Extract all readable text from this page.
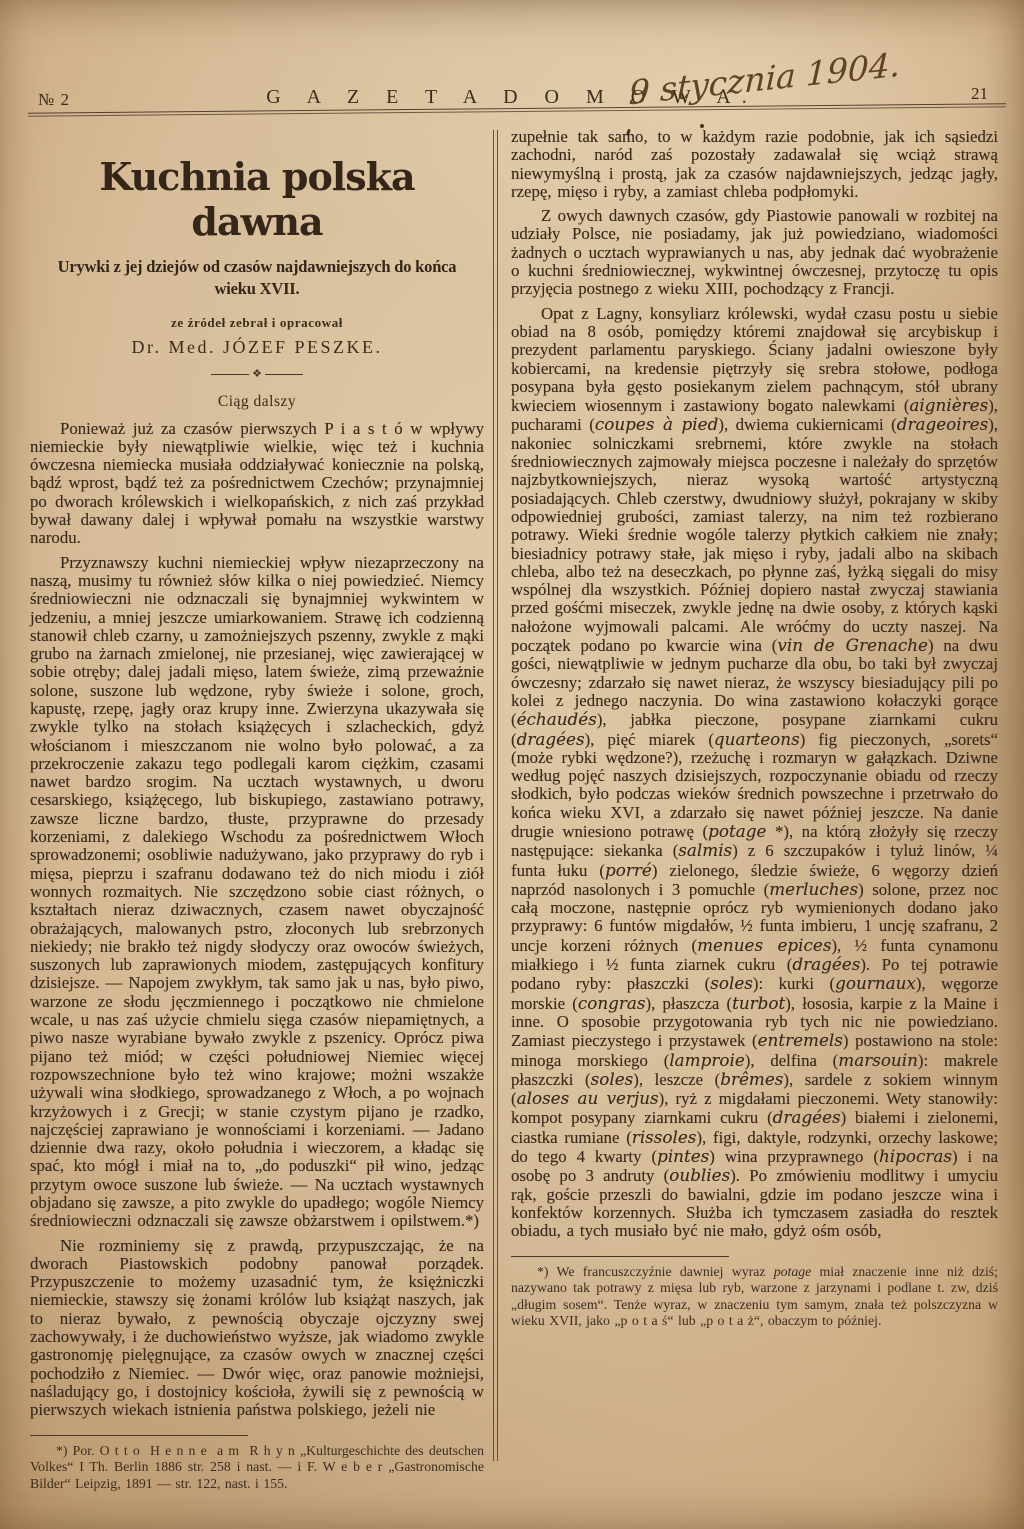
№ 2	G A Z E T A D O M O W A.
9 stycznia 1904.	21
Kuchnia polska dawna
Urywki z jej dziejów od czasów najdawniejszych do końca
wieku XVII.
ze źródeł zebrał i opracował
Dr. Med. JÓZEF PESZKE.
❖
Ciąg dalszy

Ponieważ już za czasów pierwszych P i a s t ó w wpływy niemieckie były niewątpliwie wielkie, więc też i kuchnia ówczesna niemiecka musiała oddziaływać koniecznie na polską, bądź wprost, bądź też za pośrednictwem Czechów; przynajmniej po dworach królewskich i wielkopańskich, z nich zaś przykład bywał dawany dalej i wpływał pomału na wszystkie warstwy narodu.

Przyznawszy kuchni niemieckiej wpływ niezaprzeczony na naszą, musimy tu również słów kilka o niej powiedzieć. Niemcy średniowieczni nie odznaczali się bynajmniej wykwintem w jedzeniu, a mniej jeszcze umiarkowaniem. Strawę ich codzienną stanowił chleb czarny, u zamożniejszych pszenny, zwykle z mąki grubo na żarnach zmielonej, nie przesianej, więc zawierającej w sobie otręby; dalej jadali mięso, latem świeże, zimą przeważnie solone, suszone lub wędzone, ryby świeże i solone, groch, kapustę, rzepę, jagły oraz krupy inne. Zwierzyna ukazywała się zwykle tylko na stołach książęcych i szlacheckich, gdyż włościanom i mieszczanom nie wolno było polować, a za przekroczenie zakazu tego podlegali karom ciężkim, czasami nawet bardzo srogim. Na ucztach wystawnych, u dworu cesarskiego, książęcego, lub biskupiego, zastawiano potrawy, zawsze liczne bardzo, tłuste, przyprawne do przesady korzeniami, z dalekiego Wschodu za pośrednictwem Włoch sprowadzonemi; osobliwie nadużywano, jako przyprawy do ryb i mięsa, pieprzu i szafranu dodawano też do nich miodu i ziół wonnych rozmaitych. Nie szczędzono sobie ciast różnych, o kształtach nieraz dziwacznych, czasem nawet obyczajność obrażających, malowanych pstro, złoconych lub srebrzonych niekiedy; nie brakło też nigdy słodyczy oraz owoców świeżych, suszonych lub zaprawionych miodem, zastępujących konfitury dzisiejsze. — Napojem zwykłym, tak samo jak u nas, było piwo, warzone ze słodu jęczmiennego i początkowo nie chmielone wcale, u nas zaś użycie chmielu sięga czasów niepamiętnych, a piwo nasze wyrabiane bywało zwykle z pszenicy. Oprócz piwa pijano też miód; w części południowej Niemiec więcej rozpowszechnione było też wino krajowe; możni wszakże używali wina słodkiego, sprowadzanego z Włoch, a po wojnach krzyżowych i z Grecji; w stanie czystym pijano je rzadko, najczęściej zaprawiano je wonnościami i korzeniami. — Jadano dziennie dwa razy, około południa i wieczorem, a kładąc się spać, kto mógł i miał na to, „do poduszki“ pił wino, jedząc przytym owoce suszone lub świeże. — Na ucztach wystawnych objadano się zawsze, a pito zwykle do upadłego; wogóle Niemcy średniowieczni odznaczali się zawsze obżarstwem i opilstwem.*)

Nie rozminiemy się z prawdą, przypuszczając, że na dworach Piastowskich podobny panował porządek. Przypuszczenie to możemy uzasadnić tym, że księżniczki niemieckie, stawszy się żonami królów lub książąt naszych, jak to nieraz bywało, z pewnością obyczaje ojczyzny swej zachowywały, i że duchowieństwo wyższe, jak wiadomo zwykle gastronomję pielęgnujące, za czasów owych w znacznej części pochodziło z Niemiec. — Dwór więc, oraz panowie możniejsi, naśladujący go, i dostojnicy kościoła, żywili się z pewnością w pierwszych wiekach istnienia państwa polskiego, jeżeli nie

*) Por. O t t o  H e n n e  a m  R h y n „Kulturgeschichte des deutschen Volkes“ I Th. Berlin 1886 str. 258 i nast. — i F. W e b e r „Gastronomische Bilder“ Leipzig, 1891 — str. 122, nast. i 155.

zupełnie tak samo, to w każdym razie podobnie, jak ich sąsiedzi zachodni, naród zaś pozostały zadawalał się wciąż strawą niewymyślną i prostą, jak za czasów najdawniejszych, jedząc jagły, rzepę, mięso i ryby, a zamiast chleba podpłomyki.

Z owych dawnych czasów, gdy Piastowie panowali w rozbitej na udziały Polsce, nie posiadamy, jak już powiedziano, wiadomości żadnych o ucztach wyprawianych u nas, aby jednak dać wyobrażenie o kuchni średniowiecznej, wykwintnej ówczesnej, przytoczę tu opis przyjęcia postnego z wieku XIII, pochodzący z Francji.

Opat z Lagny, konsyliarz królewski, wydał czasu postu u siebie obiad na 8 osób, pomiędzy któremi znajdował się arcybiskup i prezydent parlamentu paryskiego. Ściany jadalni owieszone były kobiercami, na kredensie piętrzyły się srebra stołowe, podłoga posypana była gęsto posiekanym zielem pachnącym, stół ubrany kwieciem wiosennym i zastawiony bogato nalewkami (aignières), pucharami (coupes à pied), dwiema cukiernicami (drageoires), nakoniec solniczkami srebrnemi, które zwykle na stołach średniowiecznych zajmowały miejsca poczesne i należały do sprzętów najzbytkowniejszych, nieraz wysoką wartość artystyczną posiadających. Chleb czerstwy, dwudniowy służył, pokrajany w skiby odpowiedniej grubości, zamiast talerzy, na nim też rozbierano potrawy. Wieki średnie wogóle talerzy płytkich całkiem nie znały; biesiadnicy potrawy stałe, jak mięso i ryby, jadali albo na skibach chleba, albo też na deseczkach, po płynne zaś, łyżką sięgali do misy wspólnej dla wszystkich. Później dopiero nastał zwyczaj stawiania przed gośćmi miseczek, zwykle jednę na dwie osoby, z których kąski nałożone wyjmowali palcami. Ale wróćmy do uczty naszej. Na początek podano po kwarcie wina (vin de Grenache) na dwu gości, niewątpliwie w jednym pucharze dla obu, bo taki był zwyczaj ówczesny; zdarzało się nawet nieraz, że wszyscy biesiadujący pili po kolei z jednego naczynia. Do wina zastawiono kołaczyki gorące (échaudés), jabłka pieczone, posypane ziarnkami cukru (dragées), pięć miarek (quarteons) fig pieczonych, „sorets“ (może rybki wędzone?), rzeżuchę i rozmaryn w gałązkach. Dziwne według pojęć naszych dzisiejszych, rozpoczynanie obiadu od rzeczy słodkich, było podczas wieków średnich powszechne i przetrwało do końca wieku XVI, a zdarzało się nawet później jeszcze. Na danie drugie wniesiono potrawę (potage *), na którą złożyły się rzeczy następujące: siekanka (salmis) z 6 szczupaków i tyluż linów, ¼ funta łuku (porré) zielonego, śledzie świeże, 6 węgorzy dzień naprzód nasolonych i 3 pomuchle (merluches) solone, przez noc całą moczone, następnie oprócz ryb wymienionych dodano jako przyprawy: 6 funtów migdałów, ½ funta imbieru, 1 uncję szafranu, 2 uncje korzeni różnych (menues epices), ½ funta cynamonu miałkiego i ½ funta ziarnek cukru (dragées). Po tej potrawie podano ryby: płaszczki (soles): kurki (gournaux), węgorze morskie (congras), płaszcza (turbot), łososia, karpie z la Maine i inne. O sposobie przygotowania ryb tych nic nie powiedziano. Zamiast pieczystego i przystawek (entremels) postawiono na stole: minoga morskiego (lamproie), delfina (marsouin): makrele płaszczki (soles), leszcze (brêmes), sardele z sokiem winnym (aloses au verjus), ryż z migdałami pieczonemi. Wety stanowiły: kompot posypany ziarnkami cukru (dragées) białemi i zielonemi, ciastka rumiane (rissoles), figi, daktyle, rodzynki, orzechy laskowe; do tego 4 kwarty (pintes) wina przyprawnego (hipocras) i na osobę po 3 andruty (oublies). Po zmówieniu modlitwy i umyciu rąk, goście przeszli do bawialni, gdzie im podano jeszcze wina i konfektów korzennych. Służba ich tymczasem zasiadła do resztek obiadu, a tych musiało być nie mało, gdyż ośm osób,

*) We francuszczyźnie dawniej wyraz potage miał znaczenie inne niż dziś; nazywano tak potrawy z mięsa lub ryb, warzone z jarzynami i podlane t. zw, dziś „długim sosem“. Tenże wyraz, w znaczeniu tym samym, znała też polszczyzna w wieku XVII, jako „p o t a ś“ lub „p o t a ż“, obaczym to później.
